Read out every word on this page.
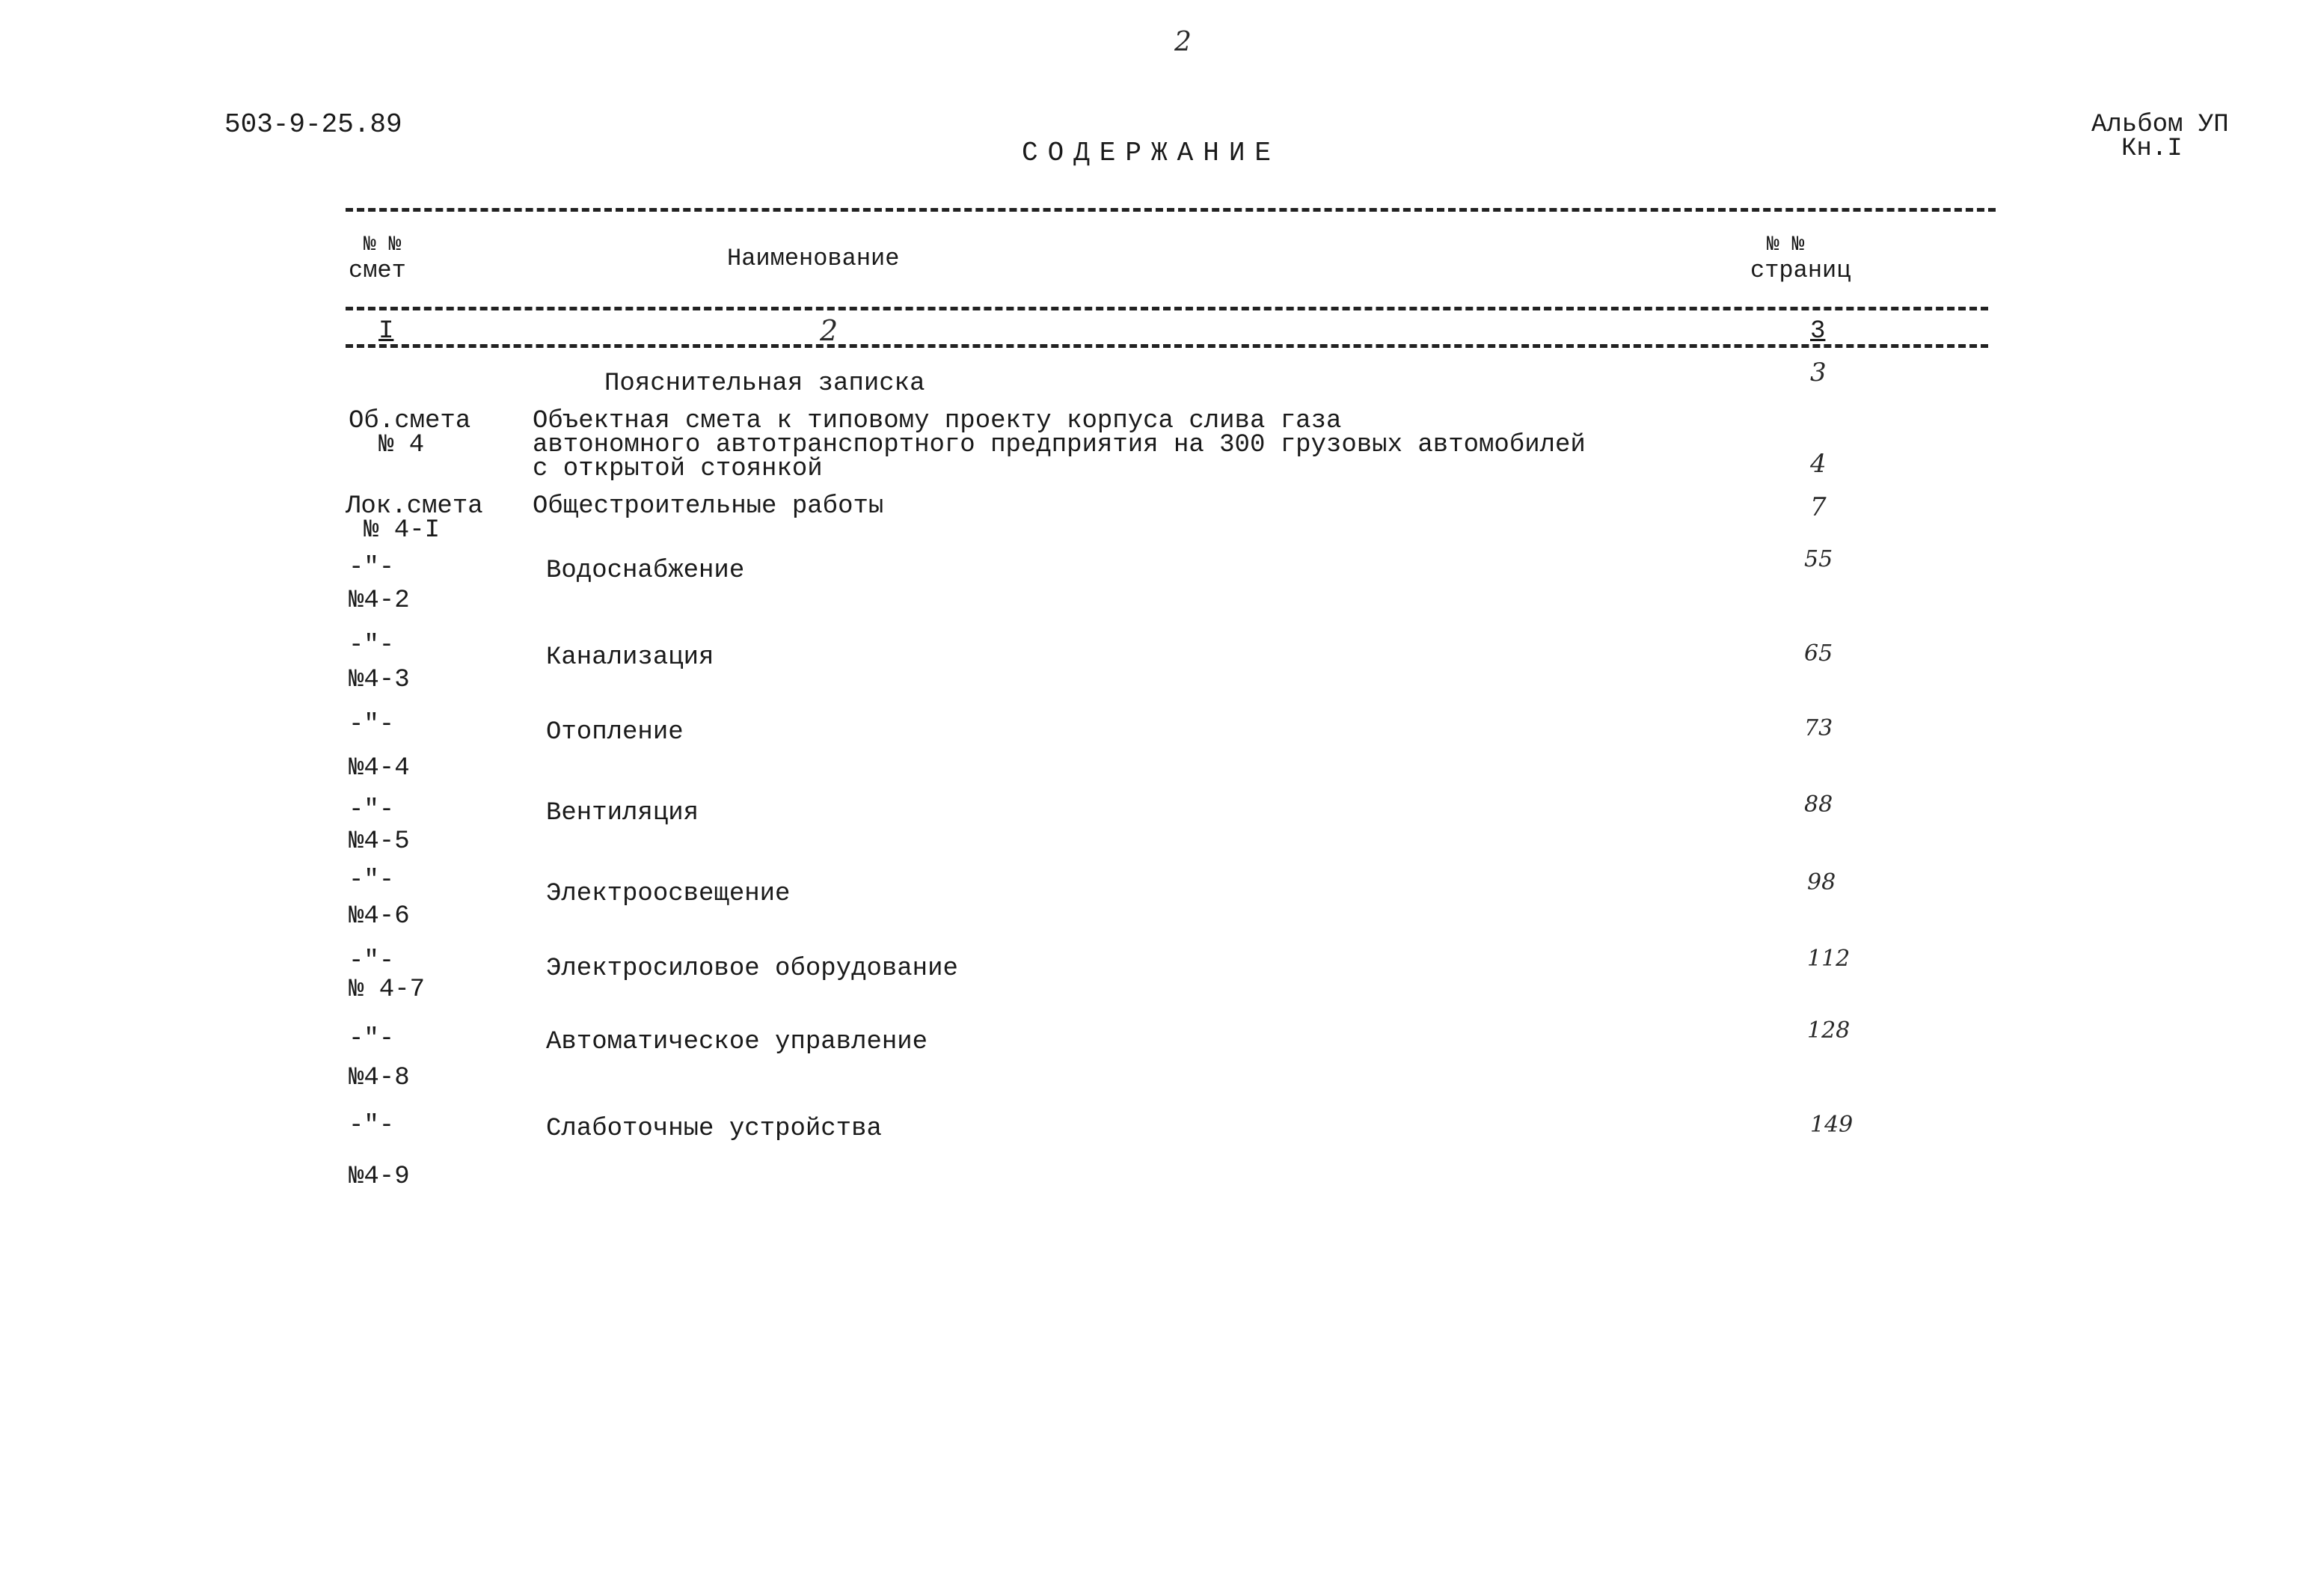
2
503-9-25.89
СОДЕРЖАНИЕ
Альбом УП
Кн.I
№ №
смет	Наименование	№ №
страниц
I	2	3
Пояснительная записка	3
Об.смета
№ 4
Объектная смета к типовому проекту корпуса слива газа
автономного автотранспортного предприятия на 300 грузовых автомобилей
с открытой стоянкой	4
Лок.смета
№ 4-I
Общестроительные работы	7
-"-
№4-2
Водоснабжение	55
-"-
№4-3
Канализация	65
-"-
№4-4
Отопление	73
-"-
№4-5
Вентиляция	88
-"-
№4-6
Электроосвещение	98
-"-
№ 4-7
Электросиловое оборудование	112
-"-
№4-8
Автоматическое управление	128
-"-
№4-9
Слаботочные устройства	149
